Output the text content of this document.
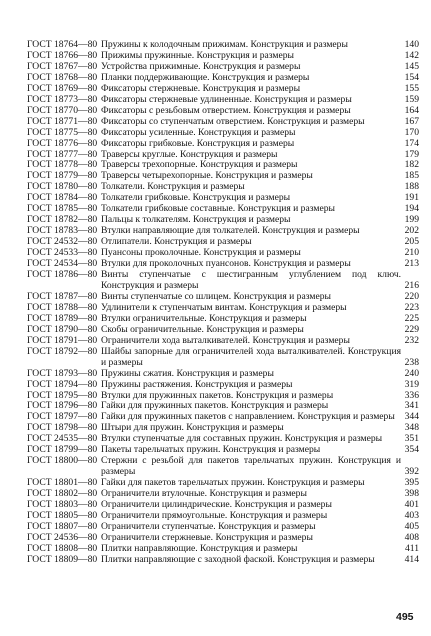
ГОСТ 18764—80 Пружины к колодочным прижимам. Конструкция и размеры	140
ГОСТ 18766—80 Прижимы пружинные. Конструкция и размеры	142
ГОСТ 18767—80 Устройства прижимные. Конструкция и размеры	145
ГОСТ 18768—80 Планки поддерживающие. Конструкция и размеры	154
ГОСТ 18769—80 Фиксаторы стержневые. Конструкция и размеры	155
ГОСТ 18773—80 Фиксаторы стержневые удлиненные. Конструкция и размеры	159
ГОСТ 18770—80 Фиксаторы с резьбовым отверстием. Конструкция и размеры	164
ГОСТ 18771—80 Фиксаторы со ступенчатым отверстием. Конструкция и размеры	167
ГОСТ 18775—80 Фиксаторы усиленные. Конструкция и размеры	170
ГОСТ 18776—80 Фиксаторы грибковые. Конструкция и размеры	174
ГОСТ 18777—80 Траверсы круглые. Конструкция и размеры	179
ГОСТ 18778—80 Траверсы трехопорные. Конструкция и размеры	182
ГОСТ 18779—80 Траверсы четырехопорные. Конструкция и размеры	185
ГОСТ 18780—80 Толкатели. Конструкция и размеры	188
ГОСТ 18784—80 Толкатели грибковые. Конструкция и размеры	191
ГОСТ 18785—80 Толкатели грибковые составные. Конструкция и размеры	194
ГОСТ 18782—80 Пальцы к толкателям. Конструкция и размеры	199
ГОСТ 18783—80 Втулки направляющие для толкателей. Конструкция и размеры	202
ГОСТ 24532—80 Отлипатели. Конструкция и размеры	205
ГОСТ 24533—80 Пуансоны проколочные. Конструкция и размеры	210
ГОСТ 24534—80 Втулки для проколочных пуансонов. Конструкция и размеры	213
ГОСТ 18786—80 Винты ступенчатые с шестигранным углублением под ключ. Конструкция и размеры	216
ГОСТ 18787—80 Винты ступенчатые со шлицем. Конструкция и размеры	220
ГОСТ 18788—80 Удлинители к ступенчатым винтам. Конструкция и размеры	223
ГОСТ 18789—80 Втулки ограничительные. Конструкция и размеры	225
ГОСТ 18790—80 Скобы ограничительные. Конструкция и размеры	229
ГОСТ 18791—80 Ограничители хода выталкивателей. Конструкция и размеры	232
ГОСТ 18792—80 Шайбы запорные для ограничителей хода выталкивателей. Конструкция и размеры	238
ГОСТ 18793—80 Пружины сжатия. Конструкция и размеры	240
ГОСТ 18794—80 Пружины растяжения. Конструкция и размеры	319
ГОСТ 18795—80 Втулки для пружинных пакетов. Конструкция и размеры	336
ГОСТ 18796—80 Гайки для пружинных пакетов. Конструкция и размеры	341
ГОСТ 18797—80 Гайки для пружинных пакетов с направлением. Конструкция и размеры	344
ГОСТ 18798—80 Штыри для пружин. Конструкция и размеры	348
ГОСТ 24535—80 Втулки ступенчатые для составных пружин. Конструкция и размеры	351
ГОСТ 18799—80 Пакеты тарельчатых пружин. Конструкция и размеры	354
ГОСТ 18800—80 Стержни с резьбой для пакетов тарельчатых пружин. Конструкция и размеры	392
ГОСТ 18801—80 Гайки для пакетов тарельчатых пружин. Конструкция и размеры	395
ГОСТ 18802—80 Ограничители втулочные. Конструкция и размеры	398
ГОСТ 18803—80 Ограничители цилиндрические. Конструкция и размеры	401
ГОСТ 18805—80 Ограничители прямоугольные. Конструкция и размеры	403
ГОСТ 18807—80 Ограничители ступенчатые. Конструкция и размеры	405
ГОСТ 24536—80 Ограничители стержневые. Конструкция и размеры	408
ГОСТ 18808—80 Плитки направляющие. Конструкция и размеры	411
ГОСТ 18809—80 Плитки направляющие с заходной фаской. Конструкция и размеры	414
495
